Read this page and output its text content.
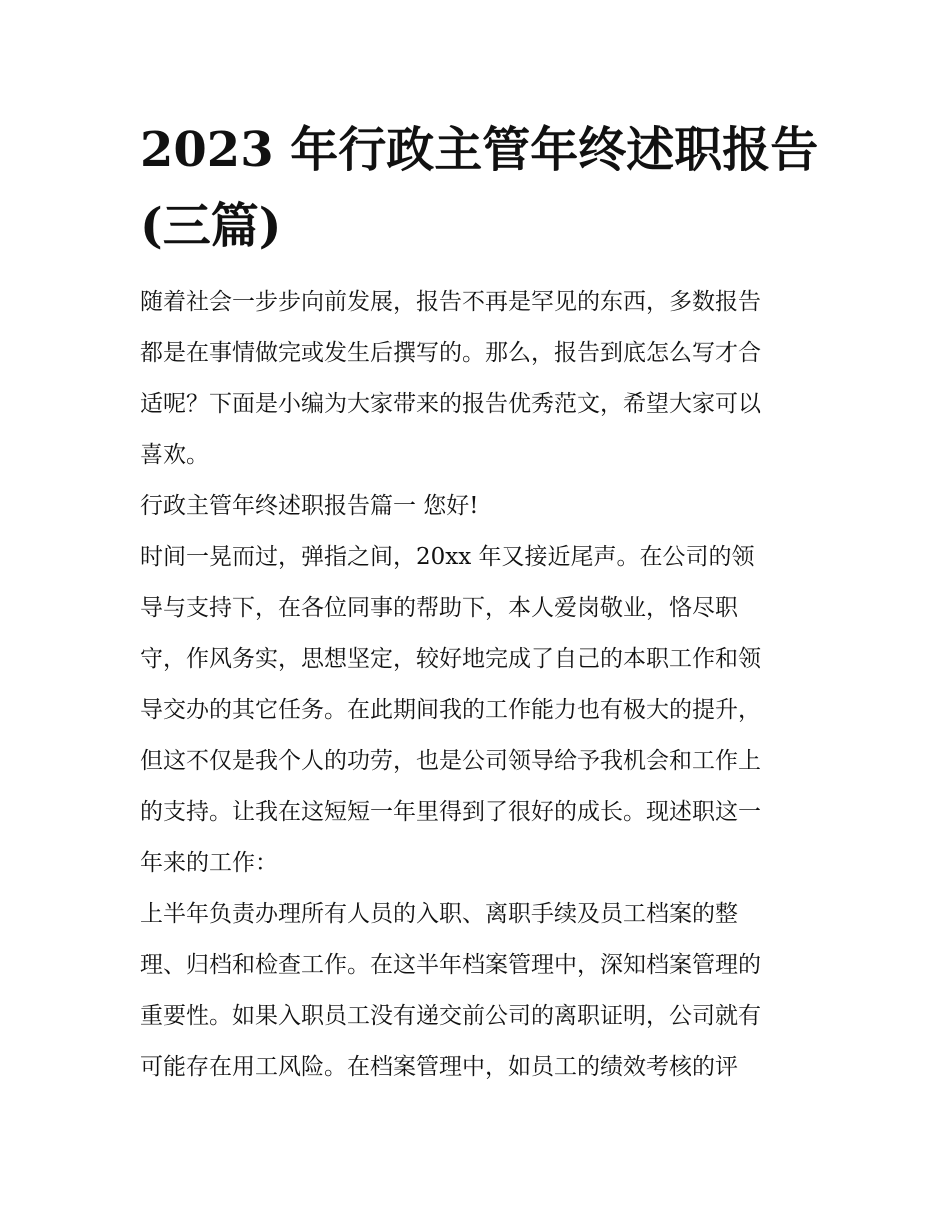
2023 年行政主管年终述职报告
(三篇)
随着社会一步步向前发展，报告不再是罕见的东西，多数报告
都是在事情做完或发生后撰写的。那么，报告到底怎么写才合
适呢？下面是小编为大家带来的报告优秀范文，希望大家可以
喜欢。
行政主管年终述职报告篇一 您好!
时间一晃而过，弹指之间，20xx 年又接近尾声。在公司的领
导与支持下，在各位同事的帮助下，本人爱岗敬业，恪尽职
守，作风务实，思想坚定，较好地完成了自己的本职工作和领
导交办的其它任务。在此期间我的工作能力也有极大的提升，
但这不仅是我个人的功劳，也是公司领导给予我机会和工作上
的支持。让我在这短短一年里得到了很好的成长。现述职这一
年来的工作：
上半年负责办理所有人员的入职、离职手续及员工档案的整
理、归档和检查工作。在这半年档案管理中，深知档案管理的
重要性。如果入职员工没有递交前公司的离职证明，公司就有
可能存在用工风险。在档案管理中，如员工的绩效考核的评
